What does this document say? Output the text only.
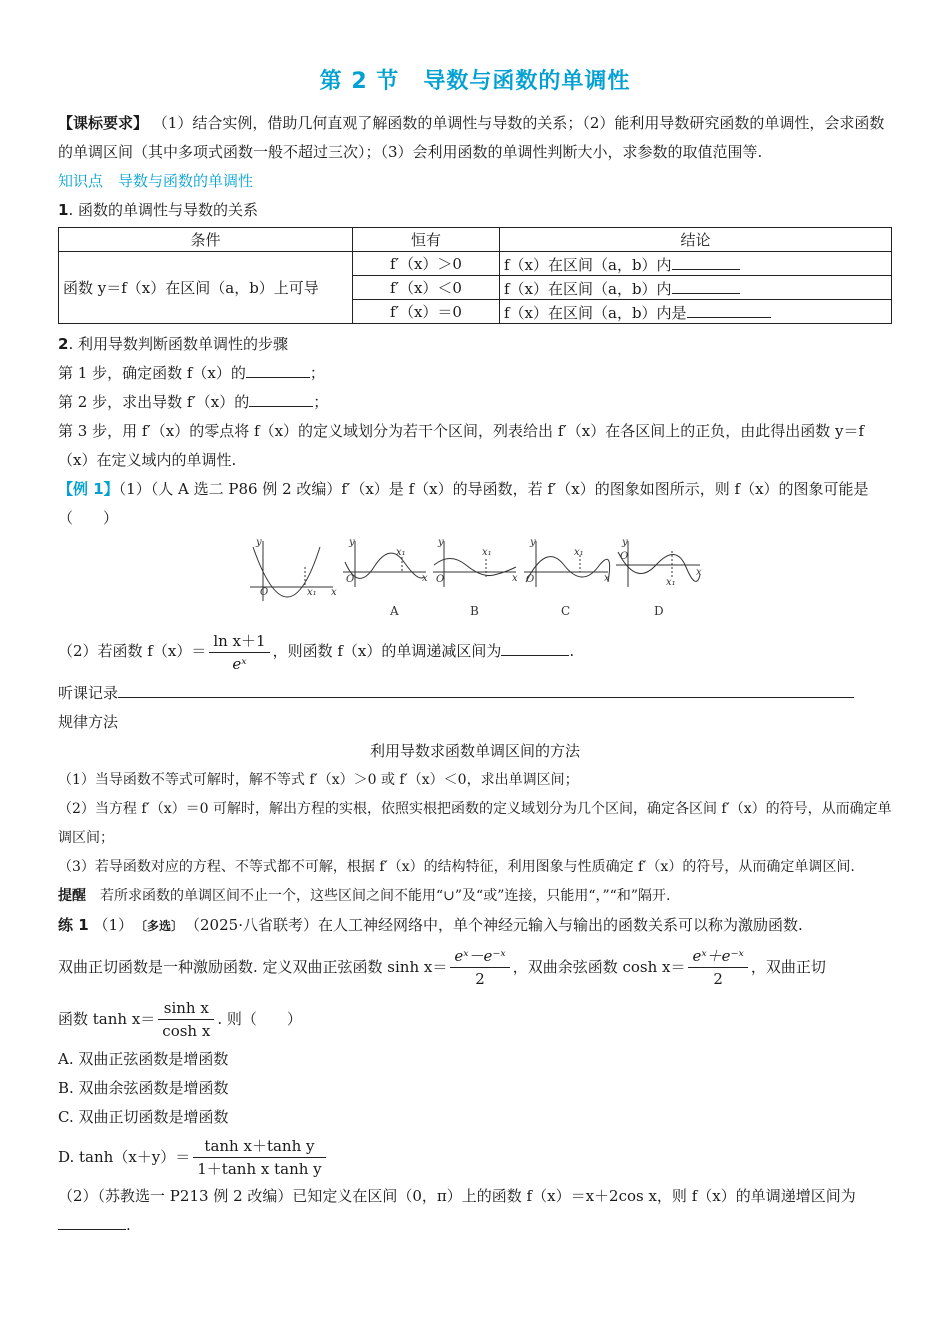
第 2 节 导数与函数的单调性

【课标要求】 （1）结合实例，借助几何直观了解函数的单调性与导数的关系；（2）能利用导数研究函数的单调性，会求函数的单调区间（其中多项式函数一般不超过三次）；（3）会利用函数的单调性判断大小，求参数的取值范围等.

知识点　导数与函数的单调性

1. 函数的单调性与导数的关系

条件	恒有	结论
函数 y＝f（x）在区间（a，b）上可导	f′（x）＞0	f（x）在区间（a，b）内
	f′（x）＜0	f（x）在区间（a，b）内
	f′（x）＝0	f（x）在区间（a，b）内是

2. 利用导数判断函数单调性的步骤

第 1 步，确定函数 f（x）的	；

第 2 步，求出导数 f′（x）的	；

第 3 步，用 f′（x）的零点将 f（x）的定义域划分为若干个区间，列表给出 f′（x）在各区间上的正负，由此得出函数 y＝f（x）在定义域内的单调性.

【例 1】（1）（人 A 选二 P86 例 2 改编）f′（x）是 f（x）的导函数，若 f′（x）的图象如图所示，则 f（x）的图象可能是（　　）

y
O	x₁ x
y
O
x₁
x
A
y
O
x₁
x
B
y
O
x₁
x
C
y
O
x₁
x
D

（2）若函数 $f(x)= \frac{\text{ln x＋1}}{\text{eˣ}}$ ，则函数 f（x）的单调递减区间为	.

听课记录

规律方法

利用导数求函数单调区间的方法

（1）当导函数不等式可解时，解不等式 f′（x）＞0 或 f′（x）＜0，求出单调区间；

（2）当方程 f′（x）＝0 可解时，解出方程的实根，依照实根把函数的定义域划分为几个区间，确定各区间 f′（x）的符号，从而确定单调区间；

（3）若导函数对应的方程、不等式都不可解，根据 f′（x）的结构特征，利用图象与性质确定 f′（x）的符号，从而确定单调区间.

提醒　 若所求函数的单调区间不止一个，这些区间之间不能用“∪”及“或”连接，只能用“，”“和”隔开.

练 1 （1） 〔多选〕 （2025·八省联考）在人工神经网络中，单个神经元输入与输出的函数关系可以称为激励函数.

双曲正切函数是一种激励函数. 定义双曲正弦函数 $\sinh x= \frac{\text{eˣ－e⁻ˣ}}{2}$ ，双曲余弦函数 $\cosh x= \frac{\text{eˣ＋e⁻ˣ}}{2}$ ，双曲正切

函数 $\tanh x= \frac{\text{sinh x}}{\text{cosh x}}$ . 则（　　）

A. 双曲正弦函数是增函数

B. 双曲余弦函数是增函数

C. 双曲正切函数是增函数

D. $\tanh(x+y)= \frac{\text{tanh x＋tanh y}}{\text{1＋tanh x tanh y}}$

（2）（苏教选一 P213 例 2 改编）已知定义在区间（0，π）上的函数 f（x）＝x＋2cos x，则 f（x）的单调递增区间为.
